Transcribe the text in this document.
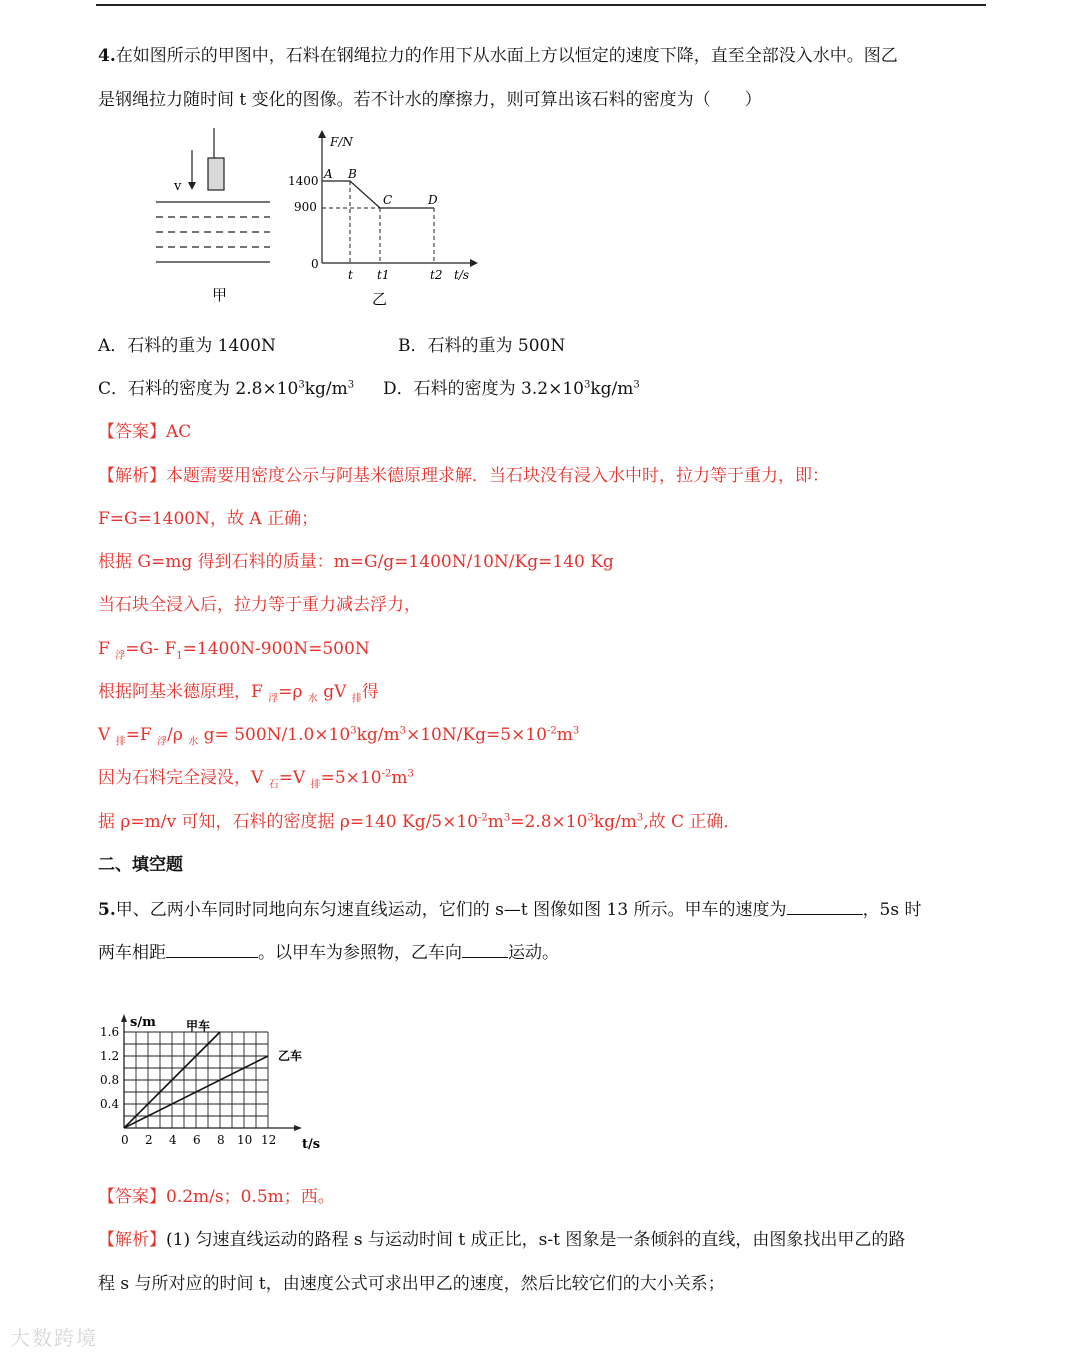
4.在如图所示的甲图中，石料在钢绳拉力的作用下从水面上方以恒定的速度下降，直至全部没入水中。图乙
是钢绳拉力随时间 t 变化的图像。若不计水的摩擦力，则可算出该石料的密度为（　　）
v
甲
F/N
1400
900
0
A B
C	D
t t1	t2 t/s
乙
A．石料的重为 1400N	B．石料的重为 500N
C．石料的密度为 $2.8\times 10^3kg/m^3$ D．石料的密度为 $3.2\times 10^3kg/m^3$
【答案】AC
【解析】本题需要用密度公示与阿基米德原理求解．当石块没有浸入水中时，拉力等于重力，即：
F=G=1400N，故 A 正确；
根据 G=mg 得到石料的质量：m=G/g=1400N/10N/Kg=140 Kg
当石块全浸入后，拉力等于重力减去浮力，
F $_浮$=G- $F_1=1400N-900N=500N$
根据阿基米德原理，F $_浮$=ρ $_水$ gV $_排$得
V $_排$=F $_浮$/ρ $_水$ $g= 500N/1.0\times 10^3kg/m^3\times 10N/Kg=5\times 10^{-2}m^3$
因为石料完全浸没，V $_石$=V $_排=5\times 10^{-2}m^3$
据 ρ=m/v 可知，石料的密度据 ρ=140 $Kg/5\times 10^{-2}m^3=2.8\times 10^3kg/m^3$,故 C 正确．
二、填空题
5.甲、乙两小车同时同地向东匀速直线运动，它们的 s—t 图像如图 13 所示。甲车的速度为	，5s 时
两车相距	。以甲车为参照物，乙车向	运动。
s/m
t/s
0 2 4 6 8 10 12
0.4
0.8
1.2
1.6	甲车
乙车
【答案】0.2m/s；0.5m；西。
【解析】(1) 匀速直线运动的路程 s 与运动时间 t 成正比，s-t 图象是一条倾斜的直线，由图象找出甲乙的路
程 s 与所对应的时间 t，由速度公式可求出甲乙的速度，然后比较它们的大小关系；
大数跨境
